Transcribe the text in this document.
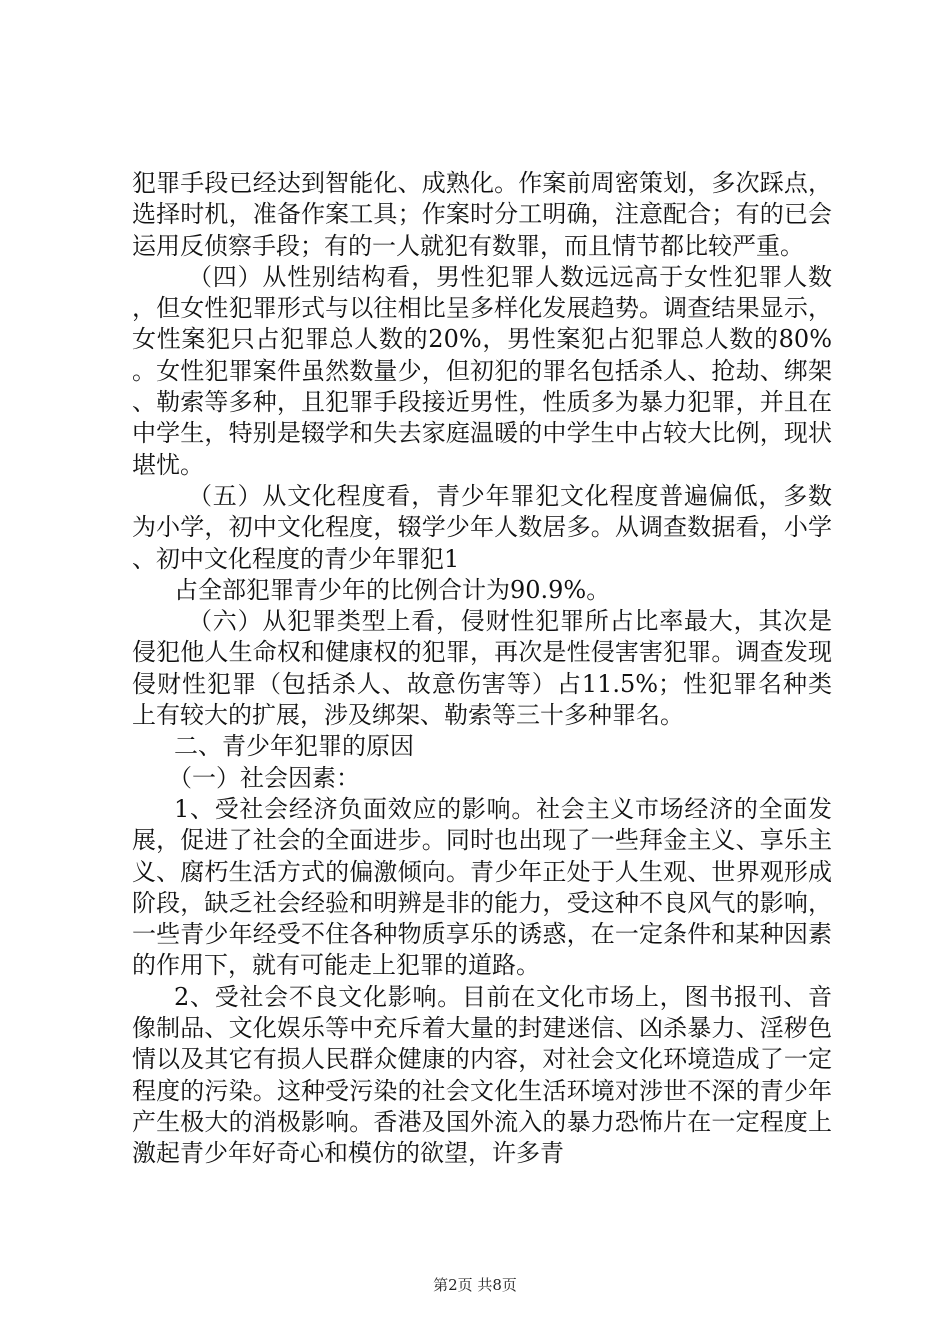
犯罪手段已经达到智能化、成熟化。作案前周密策划，多次踩点，选择时机，准备作案工具；作案时分工明确，注意配合；有的已会运用反侦察手段；有的一人就犯有数罪，而且情节都比较严重。

（四）从性别结构看，男性犯罪人数远远高于女性犯罪人数，但女性犯罪形式与以往相比呈多样化发展趋势。调查结果显示，女性案犯只占犯罪总人数的20%，男性案犯占犯罪总人数的80%。女性犯罪案件虽然数量少，但初犯的罪名包括杀人、抢劫、绑架、勒索等多种，且犯罪手段接近男性，性质多为暴力犯罪，并且在中学生，特别是辍学和失去家庭温暖的中学生中占较大比例，现状堪忧。

（五）从文化程度看，青少年罪犯文化程度普遍偏低，多数为小学，初中文化程度，辍学少年人数居多。从调查数据看，小学、初中文化程度的青少年罪犯1

占全部犯罪青少年的比例合计为90.9%。

（六）从犯罪类型上看，侵财性犯罪所占比率最大，其次是侵犯他人生命权和健康权的犯罪，再次是性侵害害犯罪。调查发现侵财性犯罪（包括杀人、故意伤害等）占11.5%；性犯罪名种类上有较大的扩展，涉及绑架、勒索等三十多种罪名。

二、青少年犯罪的原因

（一）社会因素：

1、受社会经济负面效应的影响。社会主义市场经济的全面发展，促进了社会的全面进步。同时也出现了一些拜金主义、享乐主义、腐朽生活方式的偏激倾向。青少年正处于人生观、世界观形成阶段，缺乏社会经验和明辨是非的能力，受这种不良风气的影响，一些青少年经受不住各种物质享乐的诱惑，在一定条件和某种因素的作用下，就有可能走上犯罪的道路。

2、受社会不良文化影响。目前在文化市场上，图书报刊、音像制品、文化娱乐等中充斥着大量的封建迷信、凶杀暴力、淫秽色情以及其它有损人民群众健康的内容，对社会文化环境造成了一定程度的污染。这种受污染的社会文化生活环境对涉世不深的青少年产生极大的消极影响。香港及国外流入的暴力恐怖片在一定程度上激起青少年好奇心和模仿的欲望，许多青

第2页 共8页
